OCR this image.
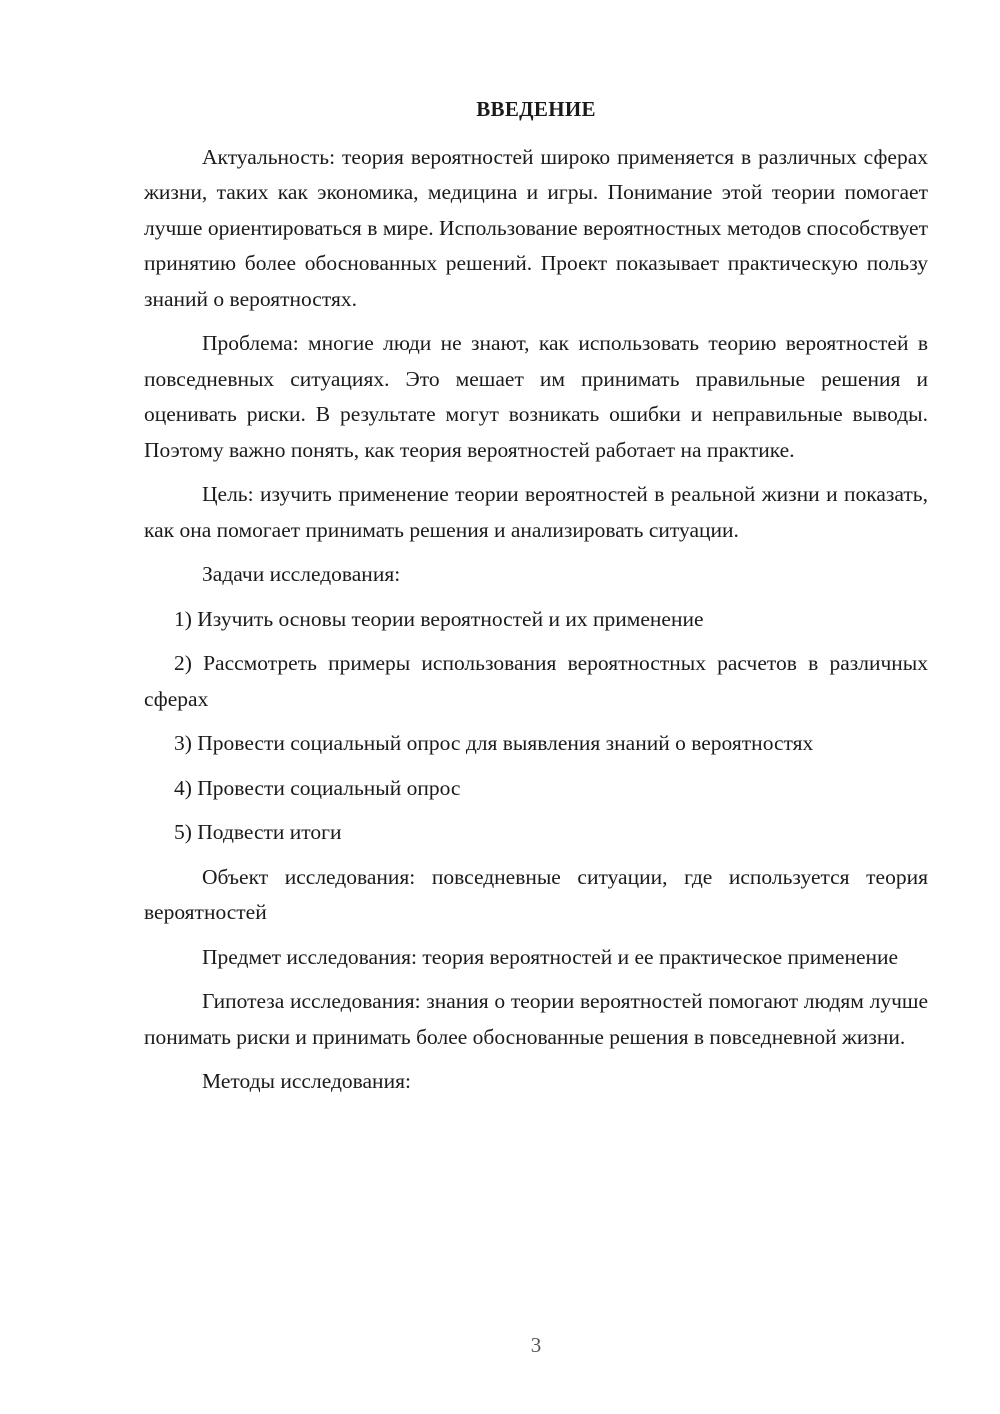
ВВЕДЕНИЕ

Актуальность: теория вероятностей широко применяется в различных сферах жизни, таких как экономика, медицина и игры. Понимание этой теории помогает лучше ориентироваться в мире. Использование вероятностных методов способствует принятию более обоснованных решений. Проект показывает практическую пользу знаний о вероятностях.

Проблема: многие люди не знают, как использовать теорию вероятностей в повседневных ситуациях. Это мешает им принимать правильные решения и оценивать риски. В результате могут возникать ошибки и неправильные выводы. Поэтому важно понять, как теория вероятностей работает на практике.

Цель: изучить применение теории вероятностей в реальной жизни и показать, как она помогает принимать решения и анализировать ситуации.

Задачи исследования:

1) Изучить основы теории вероятностей и их применение

2) Рассмотреть примеры использования вероятностных расчетов в различных сферах

3) Провести социальный опрос для выявления знаний о вероятностях

4) Провести социальный опрос

5) Подвести итоги

Объект исследования: повседневные ситуации, где используется теория вероятностей

Предмет исследования: теория вероятностей и ее практическое применение

Гипотеза исследования: знания о теории вероятностей помогают людям лучше понимать риски и принимать более обоснованные решения в повседневной жизни.

Методы исследования:

3
